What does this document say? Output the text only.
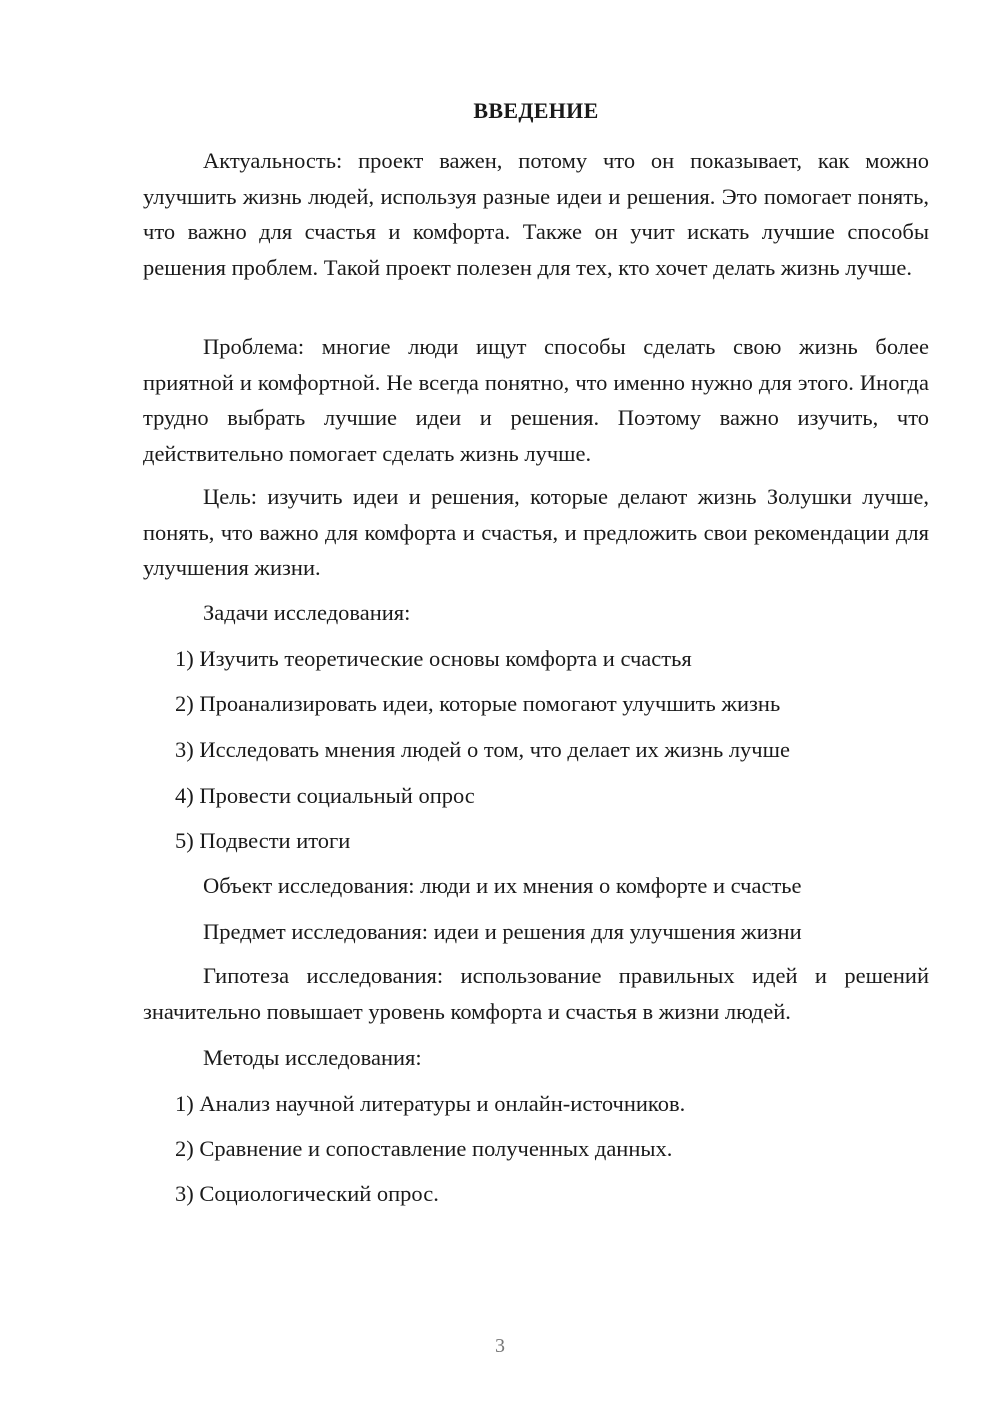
ВВЕДЕНИЕ
Актуальность: проект важен, потому что он показывает, как можно улучшить жизнь людей, используя разные идеи и решения. Это помогает понять, что важно для счастья и комфорта. Также он учит искать лучшие способы решения проблем. Такой проект полезен для тех, кто хочет делать жизнь лучше.
Проблема: многие люди ищут способы сделать свою жизнь более приятной и комфортной. Не всегда понятно, что именно нужно для этого. Иногда трудно выбрать лучшие идеи и решения. Поэтому важно изучить, что действительно помогает сделать жизнь лучше.
Цель: изучить идеи и решения, которые делают жизнь Золушки лучше, понять, что важно для комфорта и счастья, и предложить свои рекомендации для улучшения жизни.
Задачи исследования:
1) Изучить теоретические основы комфорта и счастья
2) Проанализировать идеи, которые помогают улучшить жизнь
3) Исследовать мнения людей о том, что делает их жизнь лучше
4) Провести социальный опрос
5) Подвести итоги
Объект исследования: люди и их мнения о комфорте и счастье
Предмет исследования: идеи и решения для улучшения жизни
Гипотеза исследования: использование правильных идей и решений значительно повышает уровень комфорта и счастья в жизни людей.
Методы исследования:
1) Анализ научной литературы и онлайн-источников.
2) Сравнение и сопоставление полученных данных.
3) Социологический опрос.
3
